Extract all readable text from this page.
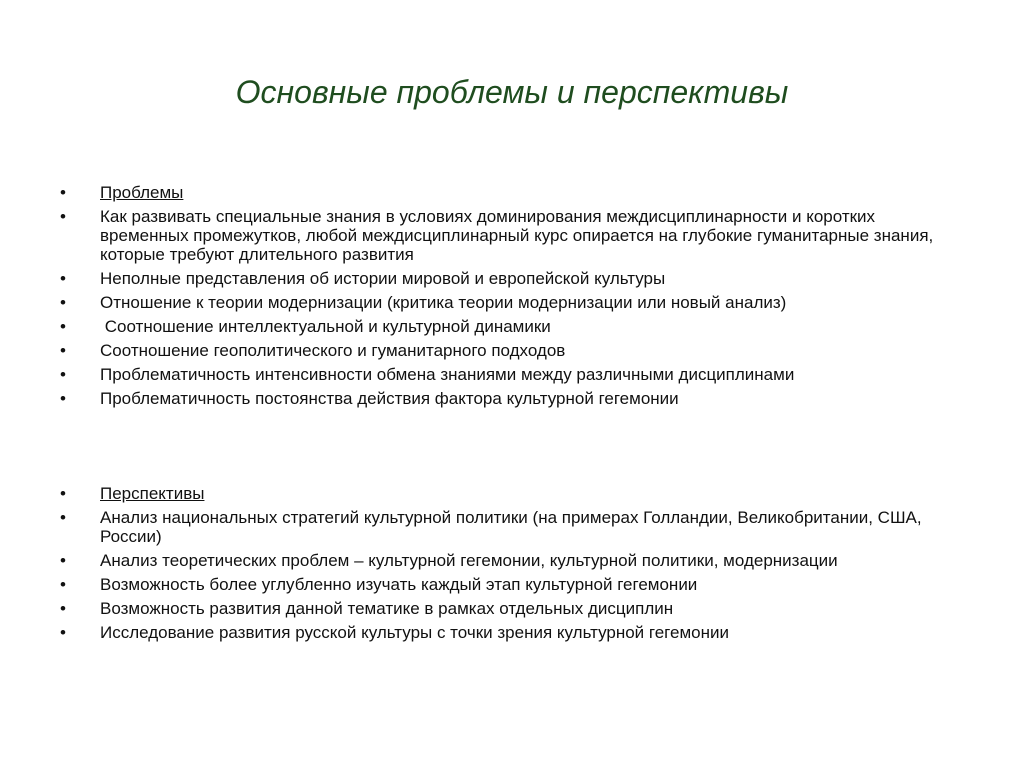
Основные проблемы и перспективы
• Проблемы
• Как развивать специальные знания в условиях доминирования междисциплинарности и коротких временных промежутков, любой междисциплинарный курс опирается на глубокие гуманитарные знания, которые требуют длительного развития
• Неполные представления об истории мировой и европейской культуры
• Отношение к теории модернизации (критика теории модернизации или новый анализ)
• Соотношение интеллектуальной и культурной динамики
• Соотношение геополитического и гуманитарного подходов
• Проблематичность интенсивности обмена знаниями между различными дисциплинами
• Проблематичность постоянства действия фактора культурной гегемонии
• Перспективы
• Анализ национальных стратегий культурной политики (на примерах Голландии, Великобритании, США, России)
• Анализ теоретических проблем – культурной гегемонии, культурной политики, модернизации
• Возможность более углубленно изучать каждый этап культурной гегемонии
• Возможность развития данной тематике в рамках отдельных дисциплин
• Исследование развития русской культуры с точки зрения культурной гегемонии
